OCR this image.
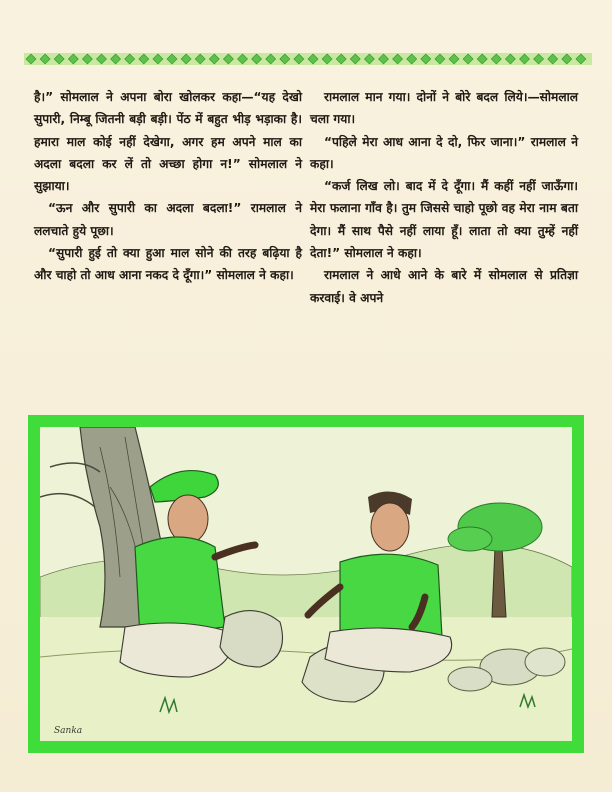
है।” सोमलाल ने अपना बोरा खोलकर कहा—“यह देखो सुपारी, निम्बू जितनी बड़ी बड़ी। पेंठ में बहुत भीड़ भड़ाका है। हमारा माल कोई नहीं देखेगा, अगर हम अपने माल का अदला बदला कर लें तो अच्छा होगा न!” सोमलाल ने सुझाया।

“ऊन और सुपारी का अदला बदला!” रामलाल ने ललचाते हुये पूछा।

“सुपारी हुई तो क्या हुआ माल सोने की तरह बढ़िया है और चाहो तो आध आना नकद दे दूँगा।” सोमलाल ने कहा।

रामलाल मान गया। दोनों ने बोरे बदल लिये।—सोमलाल चला गया।

“पहिले मेरा आध आना दे दो, फिर जाना।” रामलाल ने कहा।

“कर्ज लिख लो। बाद में दे दूँगा। मैं कहीं नहीं जाऊँगा। मेरा फलाना गाँव है। तुम जिससे चाहो पूछो वह मेरा नाम बता देगा। मैं साथ पैसे नहीं लाया हूँ। लाता तो क्या तुम्हें नहीं देता!” सोमलाल ने कहा।

रामलाल ने आधे आने के बारे में सोमलाल से प्रतिज्ञा करवाई। वे अपने

Sanka
